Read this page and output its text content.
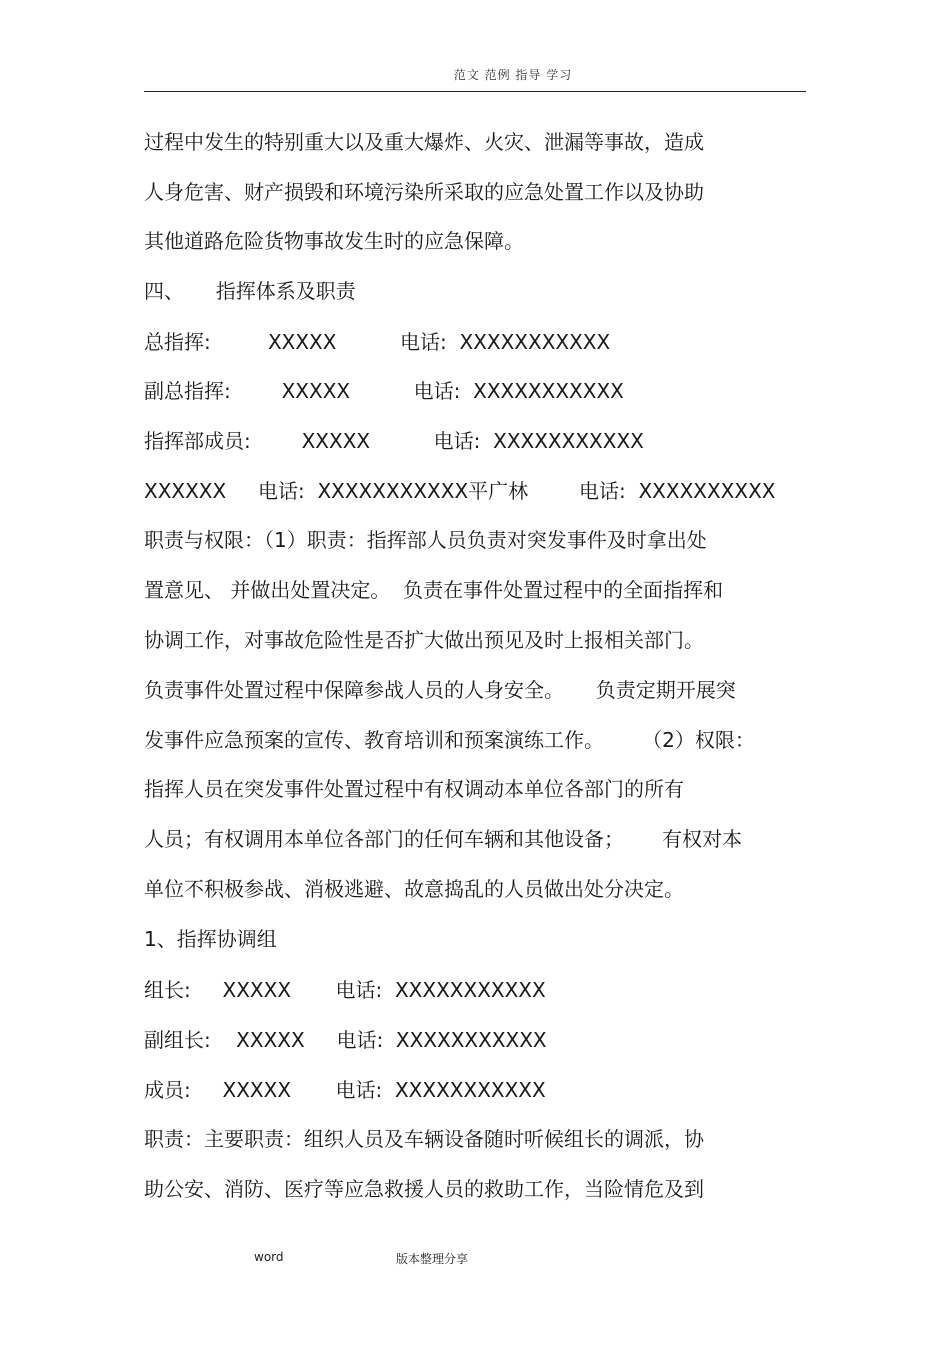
范文 范例 指导 学习
过程中发生的特别重大以及重大爆炸、火灾、泄漏等事故，造成
人身危害、财产损毁和环境污染所采取的应急处置工作以及协助
其他道路危险货物事故发生时的应急保障。
四、     指挥体系及职责
总指挥:         XXXXX          电话:  XXXXXXXXXXX
副总指挥:        XXXXX          电话:  XXXXXXXXXXX
指挥部成员:        XXXXX          电话:  XXXXXXXXXXX
XXXXXX     电话:  XXXXXXXXXXX平广林        电话:  XXXXXXXXXX
职责与权限：（1）职责：指挥部人员负责对突发事件及时拿出处
置意见、 并做出处置决定。  负责在事件处置过程中的全面指挥和
协调工作，对事故危险性是否扩大做出预见及时上报相关部门。
负责事件处置过程中保障参战人员的人身安全。     负责定期开展突
发事件应急预案的宣传、教育培训和预案演练工作。      （2）权限：
指挥人员在突发事件处置过程中有权调动本单位各部门的所有
人员；有权调用本单位各部门的任何车辆和其他设备；      有权对本
单位不积极参战、消极逃避、故意捣乱的人员做出处分决定。
1、指挥协调组
组长:     XXXXX       电话:  XXXXXXXXXXX
副组长:    XXXXX     电话:  XXXXXXXXXXX
成员:     XXXXX       电话:  XXXXXXXXXXX
职责：主要职责：组织人员及车辆设备随时听候组长的调派，协
助公安、消防、医疗等应急救援人员的救助工作，当险情危及到
word	版本整理分享
